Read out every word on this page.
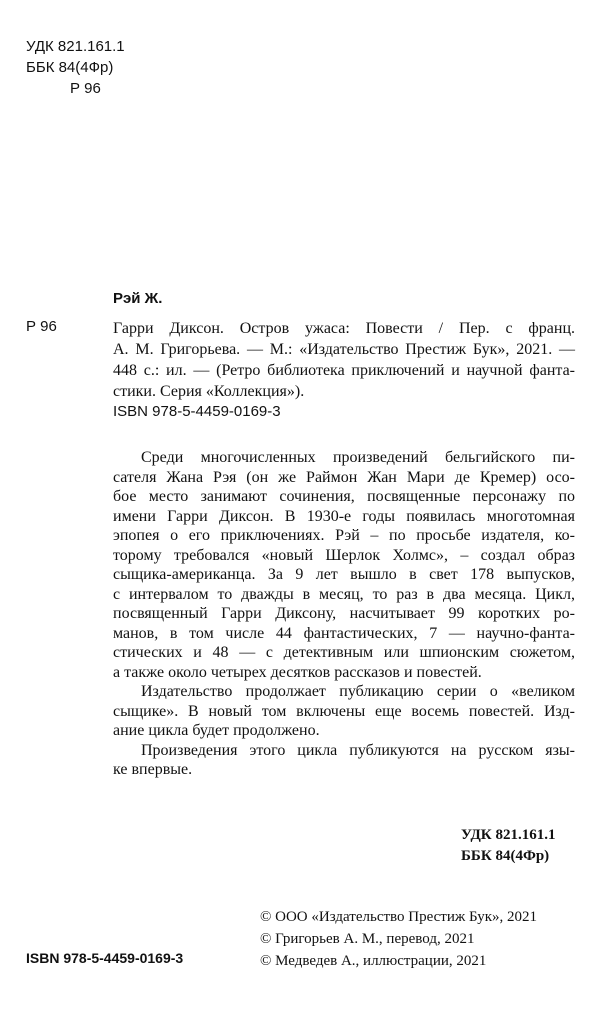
УДК 821.161.1
ББК 84(4Фр)
Р 96
Рэй Ж.
Р 96	Гарри Диксон. Остров ужаса: Повести / Пер. с франц.
А. М. Григорьева. — М.: «Издательство Престиж Бук», 2021. —
448 с.: ил. — (Ретро библиотека приключений и научной фанта-
стики. Серия «Коллекция»).
ISBN 978-5-4459-0169-3
Среди многочисленных произведений бельгийского пи-
сателя Жана Рэя (он же Раймон Жан Мари де Кремер) осо-
бое место занимают сочинения, посвященные персонажу по
имени Гарри Диксон. В 1930-е годы появилась многотомная
эпопея о его приключениях. Рэй – по просьбе издателя, ко-
торому требовался «новый Шерлок Холмс», – создал образ
сыщика-американца. За 9 лет вышло в свет 178 выпусков,
с интервалом то дважды в месяц, то раз в два месяца. Цикл,
посвященный Гарри Диксону, насчитывает 99 коротких ро-
манов, в том числе 44 фантастических, 7 — научно-фанта-
стических и 48 — с детективным или шпионским сюжетом,
а также около четырех десятков рассказов и повестей.
Издательство продолжает публикацию серии о «великом
сыщике». В новый том включены еще восемь повестей. Изд-
ание цикла будет продолжено.
Произведения этого цикла публикуются на русском язы-
ке впервые.
УДК 821.161.1
ББК 84(4Фр)
ISBN 978-5-4459-0169-3
© ООО «Издательство Престиж Бук», 2021
© Григорьев А. М., перевод, 2021
© Медведев А., иллюстрации, 2021
